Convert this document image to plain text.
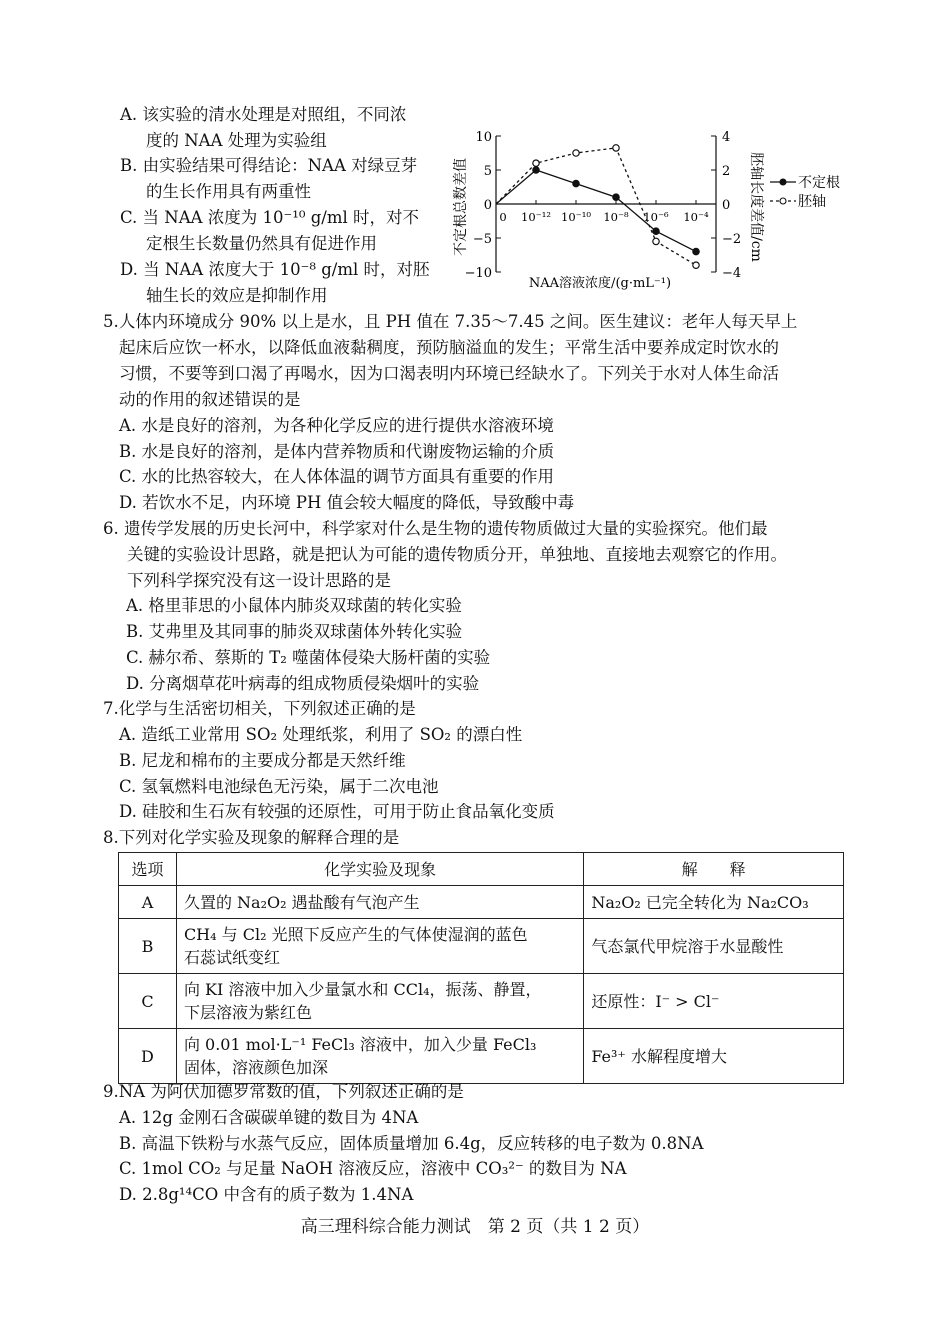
A. 该实验的清水处理是对照组，不同浓
度的 NAA 处理为实验组
B. 由实验结果可得结论：NAA 对绿豆芽
的生长作用具有两重性
C. 当 NAA 浓度为 10⁻¹⁰ g/ml 时，对不
定根生长数量仍然具有促进作用
D. 当 NAA 浓度大于 10⁻⁸ g/ml 时，对胚
轴生长的效应是抑制作用
不定根总数差值	胚轴长度差值/cm
NAA溶液浓度/(g·mL⁻¹)
10
5
0
−5
−10
4
2
0
−2
−4
0 10⁻¹² 10⁻¹⁰ 10⁻⁸ 10⁻⁶ 10⁻⁴
不定根
胚轴
5.人体内环境成分 90% 以上是水，且 PH 值在 7.35～7.45 之间。医生建议：老年人每天早上
起床后应饮一杯水，以降低血液黏稠度，预防脑溢血的发生；平常生活中要养成定时饮水的
习惯，不要等到口渴了再喝水，因为口渴表明内环境已经缺水了。下列关于水对人体生命活
动的作用的叙述错误的是
A. 水是良好的溶剂，为各种化学反应的进行提供水溶液环境
B. 水是良好的溶剂，是体内营养物质和代谢废物运输的介质
C. 水的比热容较大，在人体体温的调节方面具有重要的作用
D. 若饮水不足，内环境 PH 值会较大幅度的降低，导致酸中毒
6. 遗传学发展的历史长河中，科学家对什么是生物的遗传物质做过大量的实验探究。他们最
关键的实验设计思路，就是把认为可能的遗传物质分开，单独地、直接地去观察它的作用。
下列科学探究没有这一设计思路的是
A. 格里菲思的小鼠体内肺炎双球菌的转化实验
B. 艾弗里及其同事的肺炎双球菌体外转化实验
C. 赫尔希、蔡斯的 T₂ 噬菌体侵染大肠杆菌的实验
D. 分离烟草花叶病毒的组成物质侵染烟叶的实验
7.化学与生活密切相关，下列叙述正确的是
A. 造纸工业常用 SO₂ 处理纸浆，利用了 SO₂ 的漂白性
B. 尼龙和棉布的主要成分都是天然纤维
C. 氢氧燃料电池绿色无污染，属于二次电池
D. 硅胶和生石灰有较强的还原性，可用于防止食品氧化变质
8.下列对化学实验及现象的解释合理的是
选项	化学实验及现象	解　　释
A	久置的 Na₂O₂ 遇盐酸有气泡产生	Na₂O₂ 已完全转化为 Na₂CO₃
B	CH₄ 与 Cl₂ 光照下反应产生的气体使湿润的蓝色
石蕊试纸变红	气态氯代甲烷溶于水显酸性
C	向 KI 溶液中加入少量氯水和 CCl₄，振荡、静置，
下层溶液为紫红色	还原性：I⁻ > Cl⁻
D	向 0.01 mol·L⁻¹ FeCl₃ 溶液中，加入少量 FeCl₃
固体，溶液颜色加深	Fe³⁺ 水解程度增大
9.NA 为阿伏加德罗常数的值，下列叙述正确的是
A. 12g 金刚石含碳碳单键的数目为 4NA
B. 高温下铁粉与水蒸气反应，固体质量增加 6.4g，反应转移的电子数为 0.8NA
C. 1mol CO₂ 与足量 NaOH 溶液反应，溶液中 CO₃²⁻ 的数目为 NA
D. 2.8g¹⁴CO 中含有的质子数为 1.4NA
高三理科综合能力测试　第 2 页（共 1 2 页）
